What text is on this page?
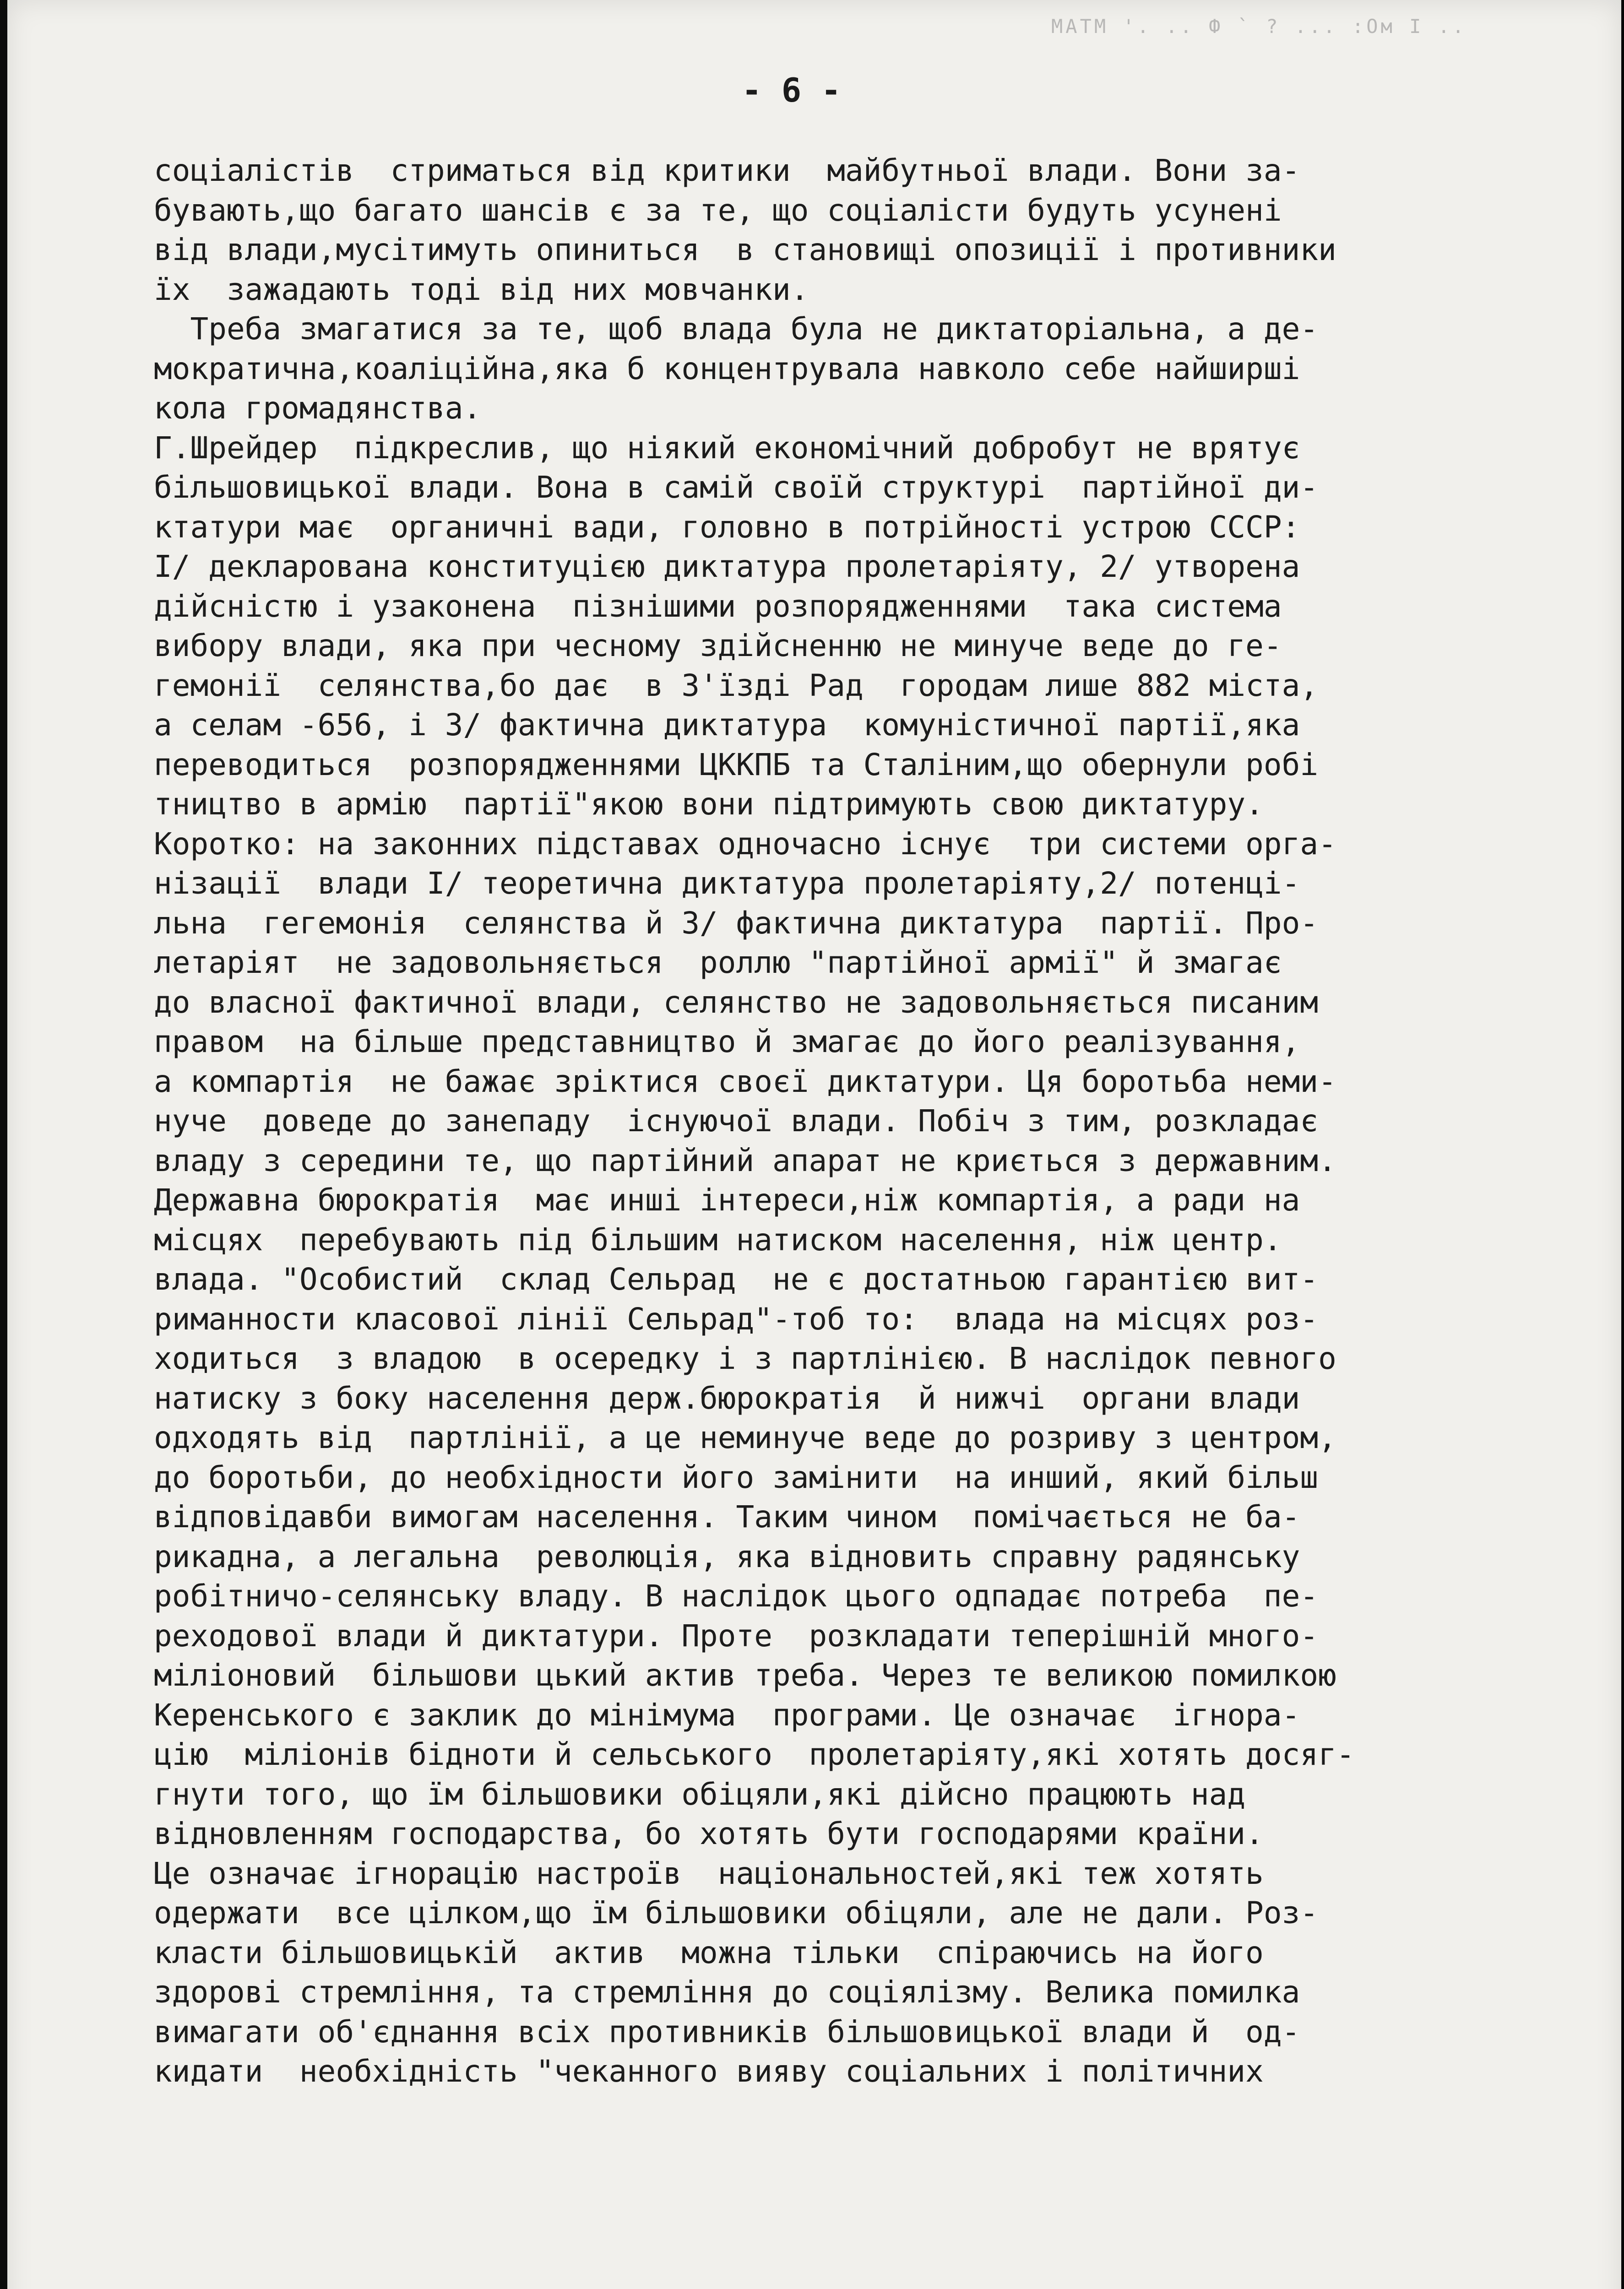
MATM '. .. Ф ` ? ... :Ом I ..
- 6 -
соціалістів  стриматься від критики  майбутньої влади. Вони за-
бувають,що багато шансів є за те, що соціалісти будуть усунені
від влади,мусітимуть опиниться  в становищі опозиції і противники
їх  зажадають тоді від них мовчанки.
Треба змагатися за те, щоб влада була не диктаторіальна, а де-
мократична,коаліційна,яка б концентрувала навколо себе найширші
кола громадянства.
Г.Шрейдер  підкреслив, що ніякий економічний добробут не врятує
більшовицької влади. Вона в самій своїй структурі  партійної ди-
ктатури має  органичні вади, головно в потрійності устрою СССР:
І/ декларована конституцією диктатура пролетаріяту, 2/ утворена
дійсністю і узаконена  пізнішими розпорядженнями  така система
вибору влади, яка при чесному здійсненню не минуче веде до ге-
гемонії  селянства,бо дає  в З'їзді Рад  городам лише 882 міста,
а селам -656, і 3/ фактична диктатура  комуністичної партії,яка
переводиться  розпорядженнями ЦККПБ та Сталіним,що обернули робі
тництво в армію  партії"якою вони підтримують свою диктатуру.
Коротко: на законних підставах одночасно існує  три системи орга-
нізації  влади І/ теоретична диктатура пролетаріяту,2/ потенці-
льна  гегемонія  селянства й 3/ фактична диктатура  партії. Про-
летаріят  не задовольняється  роллю "партійної армії" й змагає
до власної фактичної влади, селянство не задовольняється писаним
правом  на більше представництво й змагає до його реалізування,
а компартія  не бажає зріктися своєї диктатури. Ця боротьба неми-
нуче  доведе до занепаду  існуючої влади. Побіч з тим, розкладає
владу з середини те, що партійний апарат не криється з державним.
Державна бюрократія  має инші інтереси,ніж компартія, а ради на
місцях  перебувають під більшим натиском населення, ніж центр.
влада. "Особистий  склад Сельрад  не є достатньою гарантією вит-
риманности класової лінії Сельрад"-тоб то:  влада на місцях роз-
ходиться  з владою  в осередку і з партлінією. В наслідок певного
натиску з боку населення держ.бюрократія  й нижчі  органи влади
одходять від  партлінії, а це неминуче веде до розриву з центром,
до боротьби, до необхідности його замінити  на инший, який більш
відповідавби вимогам населення. Таким чином  помічається не ба-
рикадна, а легальна  революція, яка відновить справну радянську
робітничо-селянську владу. В наслідок цього одпадає потреба  пе-
реходової влади й диктатури. Проте  розкладати теперішній много-
міліоновий  більшови цький актив треба. Через те великою помилкою
Керенського є заклик до мінімума  програми. Це означає  ігнора-
цію  міліонів бідноти й сельського  пролетаріяту,які хотять досяг-
гнути того, що їм більшовики обіцяли,які дійсно працюють над
відновленням господарства, бо хотять бути господарями країни.
Це означає ігнорацію настроїв  національностей,які теж хотять
одержати  все цілком,що їм більшовики обіцяли, але не дали. Роз-
класти більшовицькій  актив  можна тільки  спіраючись на його
здорові стремління, та стремління до соціялізму. Велика помилка
вимагати об'єднання всіх противників більшовицької влади й  од-
кидати  необхідність "чеканного вияву соціальних і політичних
